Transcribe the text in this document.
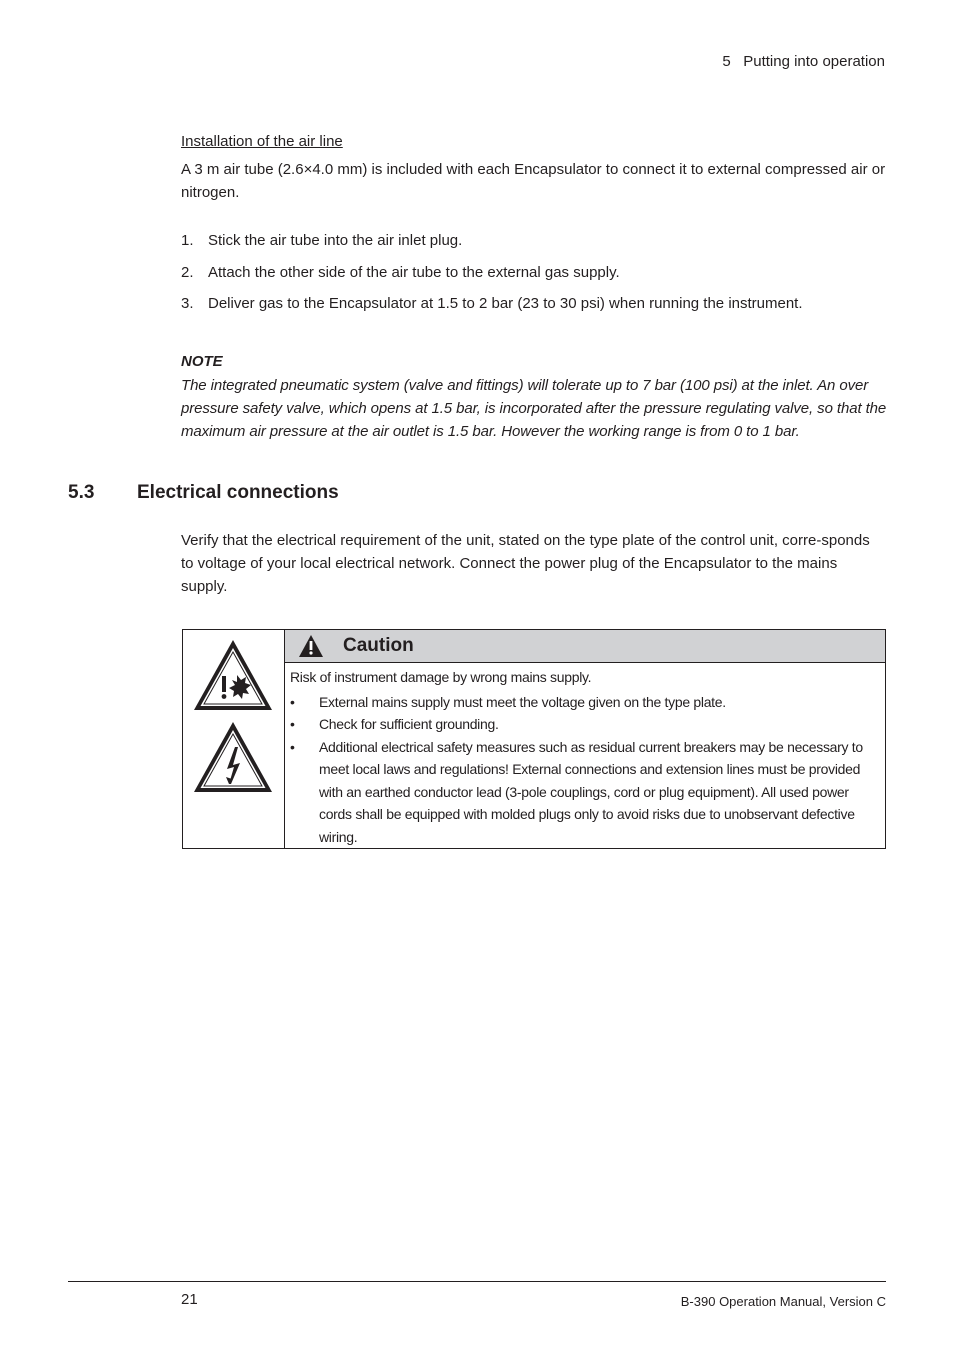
5   Putting into operation
Installation of the air line
A 3 m air tube (2.6×4.0 mm) is included with each Encapsulator to connect it to external compressed air or nitrogen.
1. Stick the air tube into the air inlet plug.
2. Attach the other side of the air tube to the external gas supply.
3. Deliver gas to the Encapsulator at 1.5 to 2 bar (23 to 30 psi) when running the instrument.
NOTE
The integrated pneumatic system (valve and fittings) will tolerate up to 7 bar (100 psi) at the inlet. An over pressure safety valve, which opens at 1.5 bar, is incorporated after the pressure regulating valve, so that the maximum air pressure at the air outlet is 1.5 bar. However the working range is from 0 to 1 bar.
5.3 Electrical connections
Verify that the electrical requirement of the unit, stated on the type plate of the control unit, corre-sponds to voltage of your local electrical network. Connect the power plug of the Encapsulator to the mains supply.
Caution
Risk of instrument damage by wrong mains supply.
•	External mains supply must meet the voltage given on the type plate.
•	Check for sufficient grounding.
•	Additional electrical safety measures such as residual current breakers may be necessary to meet local laws and regulations! External connections and extension lines must be provided with an earthed conductor lead (3-pole couplings, cord or plug equipment). All used power cords shall be equipped with molded plugs only to avoid risks due to unobservant defective wiring.
21	B-390 Operation Manual, Version C
